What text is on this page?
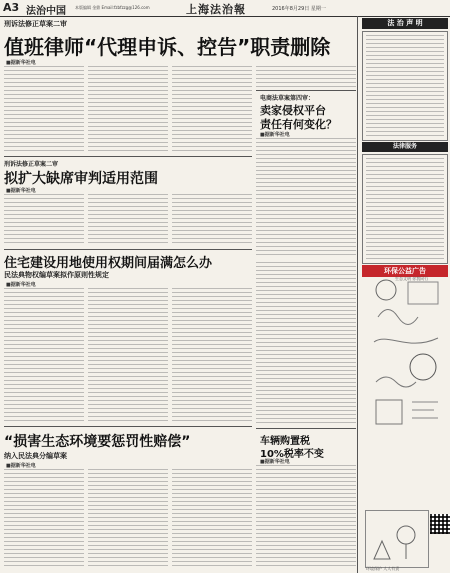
A3 法治中国 本版编辑 金鼎 Email:fzbfzzg@126.com	上海法治報	2016年8月29日 星期一
刑诉法修正草案二审
值班律师“代理申诉、控告”职责删除
■据新华社电
电商法草案第四审：
卖家侵权平台
责任有何变化？
■据新华社电
刑诉法修正草案二审
拟扩大缺席审判适用范围
■据新华社电
住宅建设用地使用权期间届满怎么办
民法典物权编草案拟作原则性规定
■据新华社电
车辆购置税
10%税率不变
■据新华社电
“损害生态环境要惩罚性赔偿”
纳入民法典分编草案
■据新华社电
法 治 声 明
法律服务
环保公益广告
生态文明 你我同行
环境保护 人人有责
